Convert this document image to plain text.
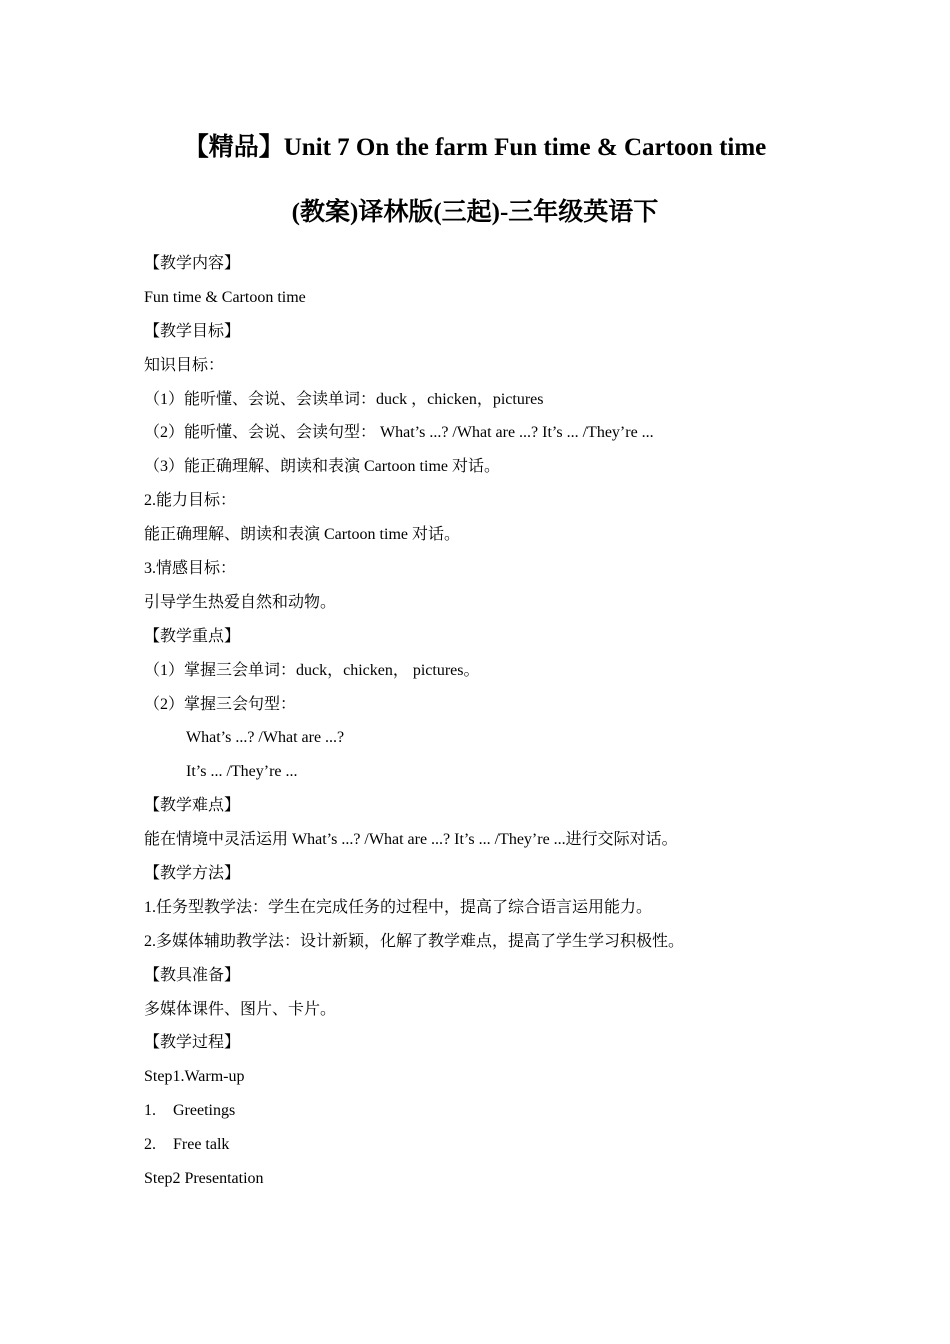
【精品】Unit 7 On the farm Fun time & Cartoon time
(教案)译林版(三起)-三年级英语下
【教学内容】
Fun time & Cartoon time
【教学目标】
知识目标：
（1）能听懂、会说、会读单词：duck ，chicken，pictures
（2）能听懂、会说、会读句型： What’s ...? /What are ...? It’s ... /They’re ...
（3）能正确理解、朗读和表演 Cartoon time 对话。
2.能力目标：
能正确理解、朗读和表演 Cartoon time 对话。
3.情感目标：
引导学生热爱自然和动物。
【教学重点】
（1）掌握三会单词：duck，chicken， pictures。
（2）掌握三会句型：
What’s ...? /What are ...?
It’s ... /They’re ...
【教学难点】
能在情境中灵活运用 What’s ...? /What are ...? It’s ... /They’re ...进行交际对话。
【教学方法】
1.任务型教学法：学生在完成任务的过程中，提高了综合语言运用能力。
2.多媒体辅助教学法：设计新颖，化解了教学难点，提高了学生学习积极性。
【教具准备】
多媒体课件、图片、卡片。
【教学过程】
Step1.Warm-up
1. Greetings
2. Free talk
Step2 Presentation
